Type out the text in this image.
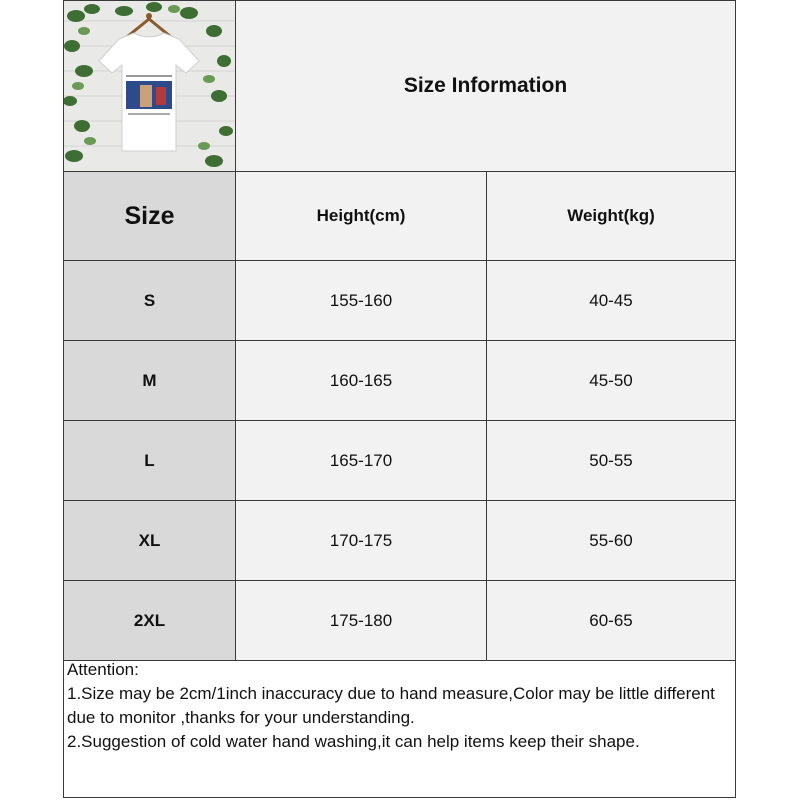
Size Information
Size	Height(cm)	Weight(kg)
S	155-160	40-45
M	160-165	45-50
L	165-170	50-55
XL	170-175	55-60
2XL	175-180	60-65
Attention:
1.Size may be 2cm/1inch inaccuracy due to hand measure,Color may be little different due to monitor ,thanks for your understanding.
2.Suggestion of cold water hand washing,it can help items keep their shape.
